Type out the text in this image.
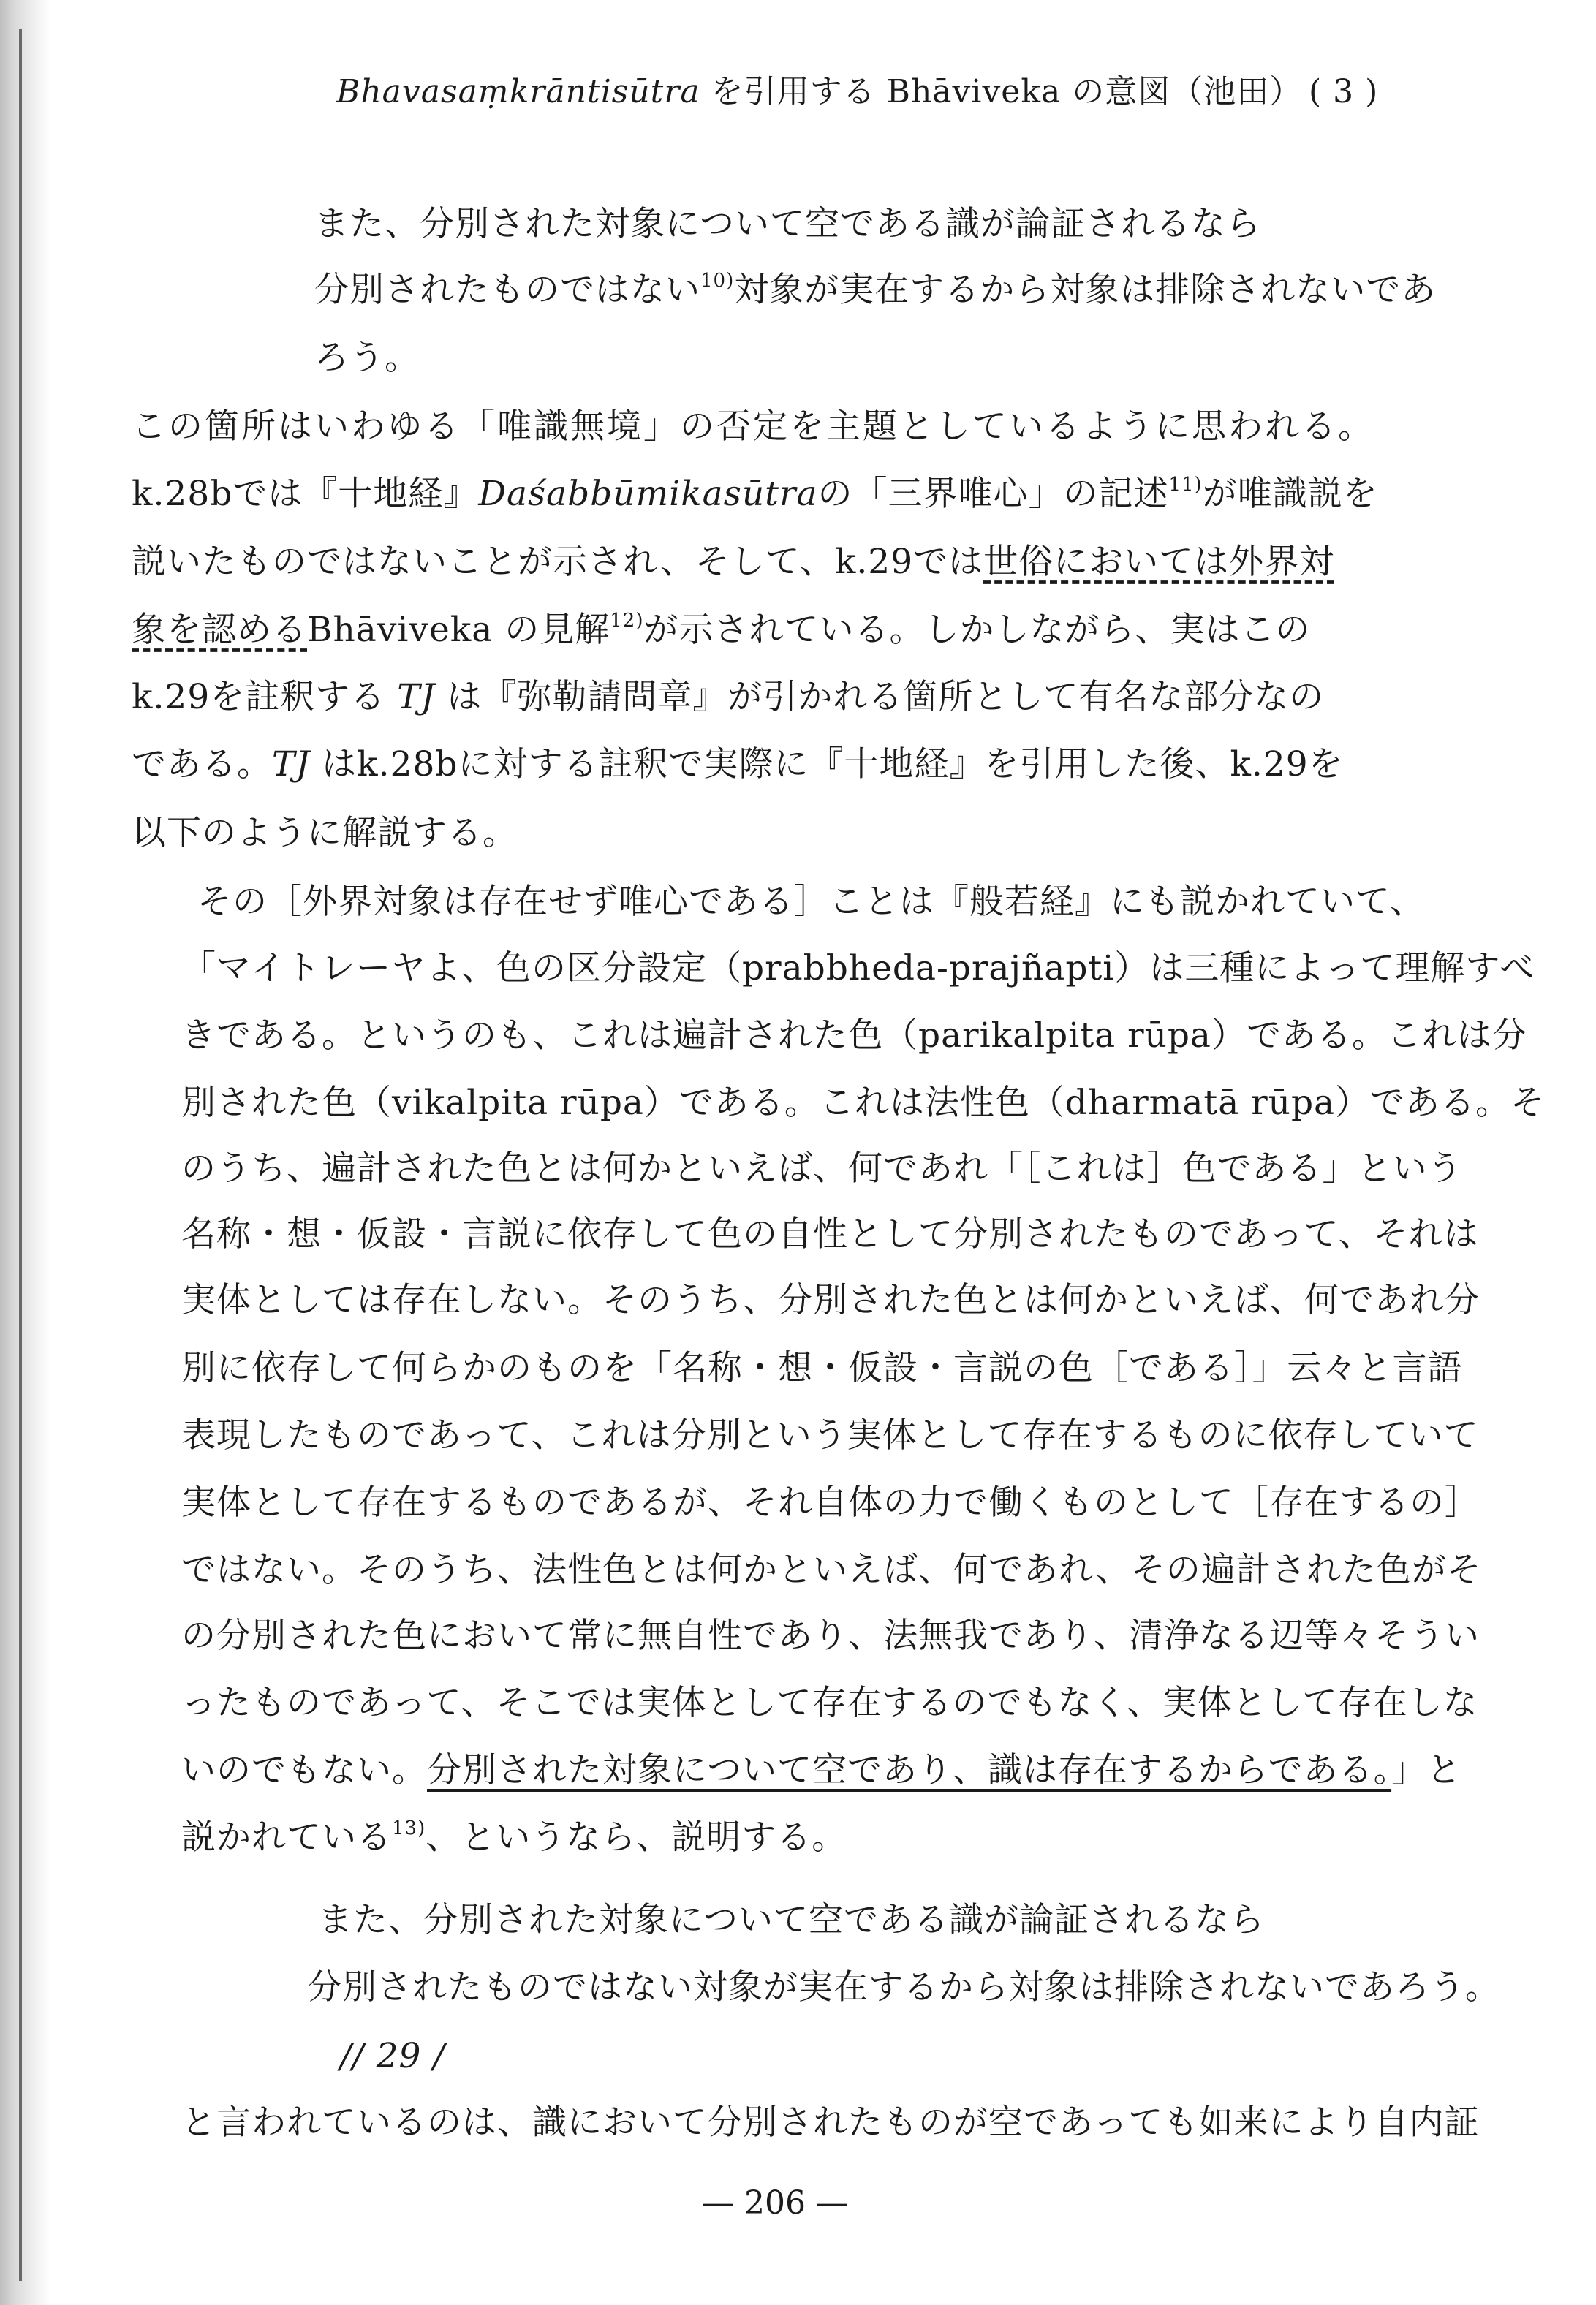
Bhavasaṃkrāntisūtra を引用する Bhāviveka の意図（池田） ( 3 )
また、分別された対象について空である識が論証されるなら
分別されたものではない$^{10)}$対象が実在するから対象は排除されないであ
ろう。
この箇所はいわゆる「唯識無境」の否定を主題としているように思われる。
k.28bでは『十地経』Daśabbūmikasūtraの「三界唯心」の記述$^{11)}$が唯識説を
説いたものではないことが示され、そして、k.29では世俗においては外界対
象を認めるBhāviveka の見解$^{12)}$が示されている。しかしながら、実はこの
k.29を註釈する TJ は『弥勒請問章』が引かれる箇所として有名な部分なの
である。TJ はk.28bに対する註釈で実際に『十地経』を引用した後、k.29を
以下のように解説する。
その［外界対象は存在せず唯心である］ことは『般若経』にも説かれていて、
「マイトレーヤよ、色の区分設定（prabbheda-prajñapti）は三種によって理解すべ
きである。というのも、これは遍計された色（parikalpita rūpa）である。これは分
別された色（vikalpita rūpa）である。これは法性色（dharmatā rūpa）である。そ
のうち、遍計された色とは何かといえば、何であれ「［これは］色である」という
名称・想・仮設・言説に依存して色の自性として分別されたものであって、それは
実体としては存在しない。そのうち、分別された色とは何かといえば、何であれ分
別に依存して何らかのものを「名称・想・仮設・言説の色［である］」云々と言語
表現したものであって、これは分別という実体として存在するものに依存していて
実体として存在するものであるが、それ自体の力で働くものとして［存在するの］
ではない。そのうち、法性色とは何かといえば、何であれ、その遍計された色がそ
の分別された色において常に無自性であり、法無我であり、清浄なる辺等々そうい
ったものであって、そこでは実体として存在するのでもなく、実体として存在しな
いのでもない。分別された対象について空であり、識は存在するからである。」と
説かれている$^{13)}$、というなら、説明する。
また、分別された対象について空である識が論証されるなら
分別されたものではない対象が実在するから対象は排除されないであろう。
// 29 /
と言われているのは、識において分別されたものが空であっても如来により自内証
— 206 —
